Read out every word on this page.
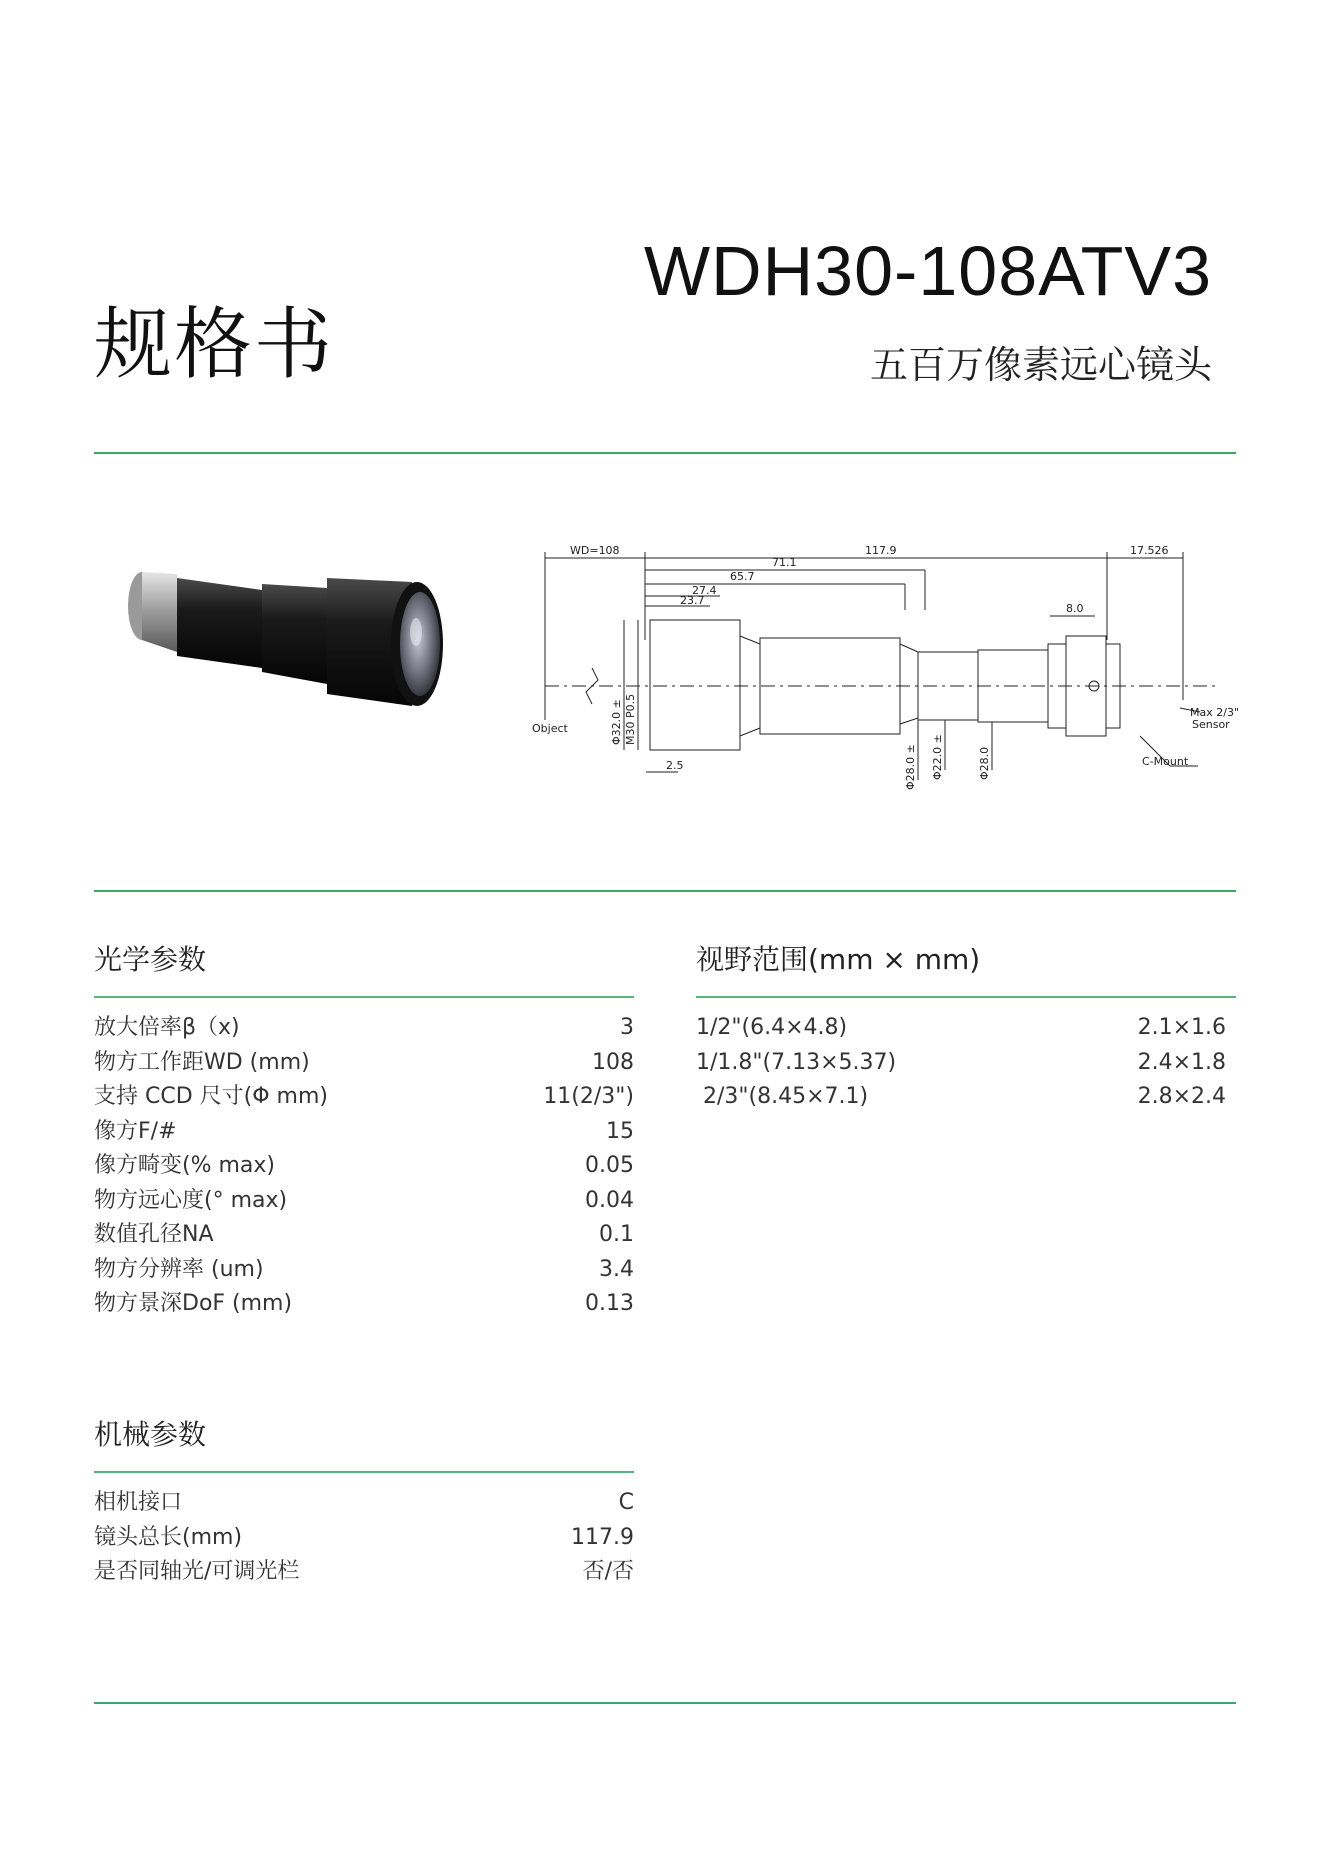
规格书
WDH30-108ATV3
五百万像素远心镜头
WD=108	117.9	17.526
71.1
65.7
27.4
23.7
8.0
2.5
Object
Max 2/3"
Sensor
C-Mount
Φ32.0 ± M30 P0.5
Φ28.0 ± Φ22.0 ±	Φ28.0
光学参数
放大倍率β（x)	3
物方工作距WD (mm)	108
支持 CCD 尺寸(Φ mm)	11(2/3")
像方F/#	15
像方畸变(% max)	0.05
物方远心度(° max)	0.04
数值孔径NA	0.1
物方分辨率 (um)	3.4
物方景深DoF (mm)	0.13
视野范围(mm × mm)
1/2"(6.4×4.8)	2.1×1.6
1/1.8"(7.13×5.37)	2.4×1.8
2/3"(8.45×7.1)	2.8×2.4
机械参数
相机接口	C
镜头总长(mm)	117.9
是否同轴光/可调光栏	否/否
